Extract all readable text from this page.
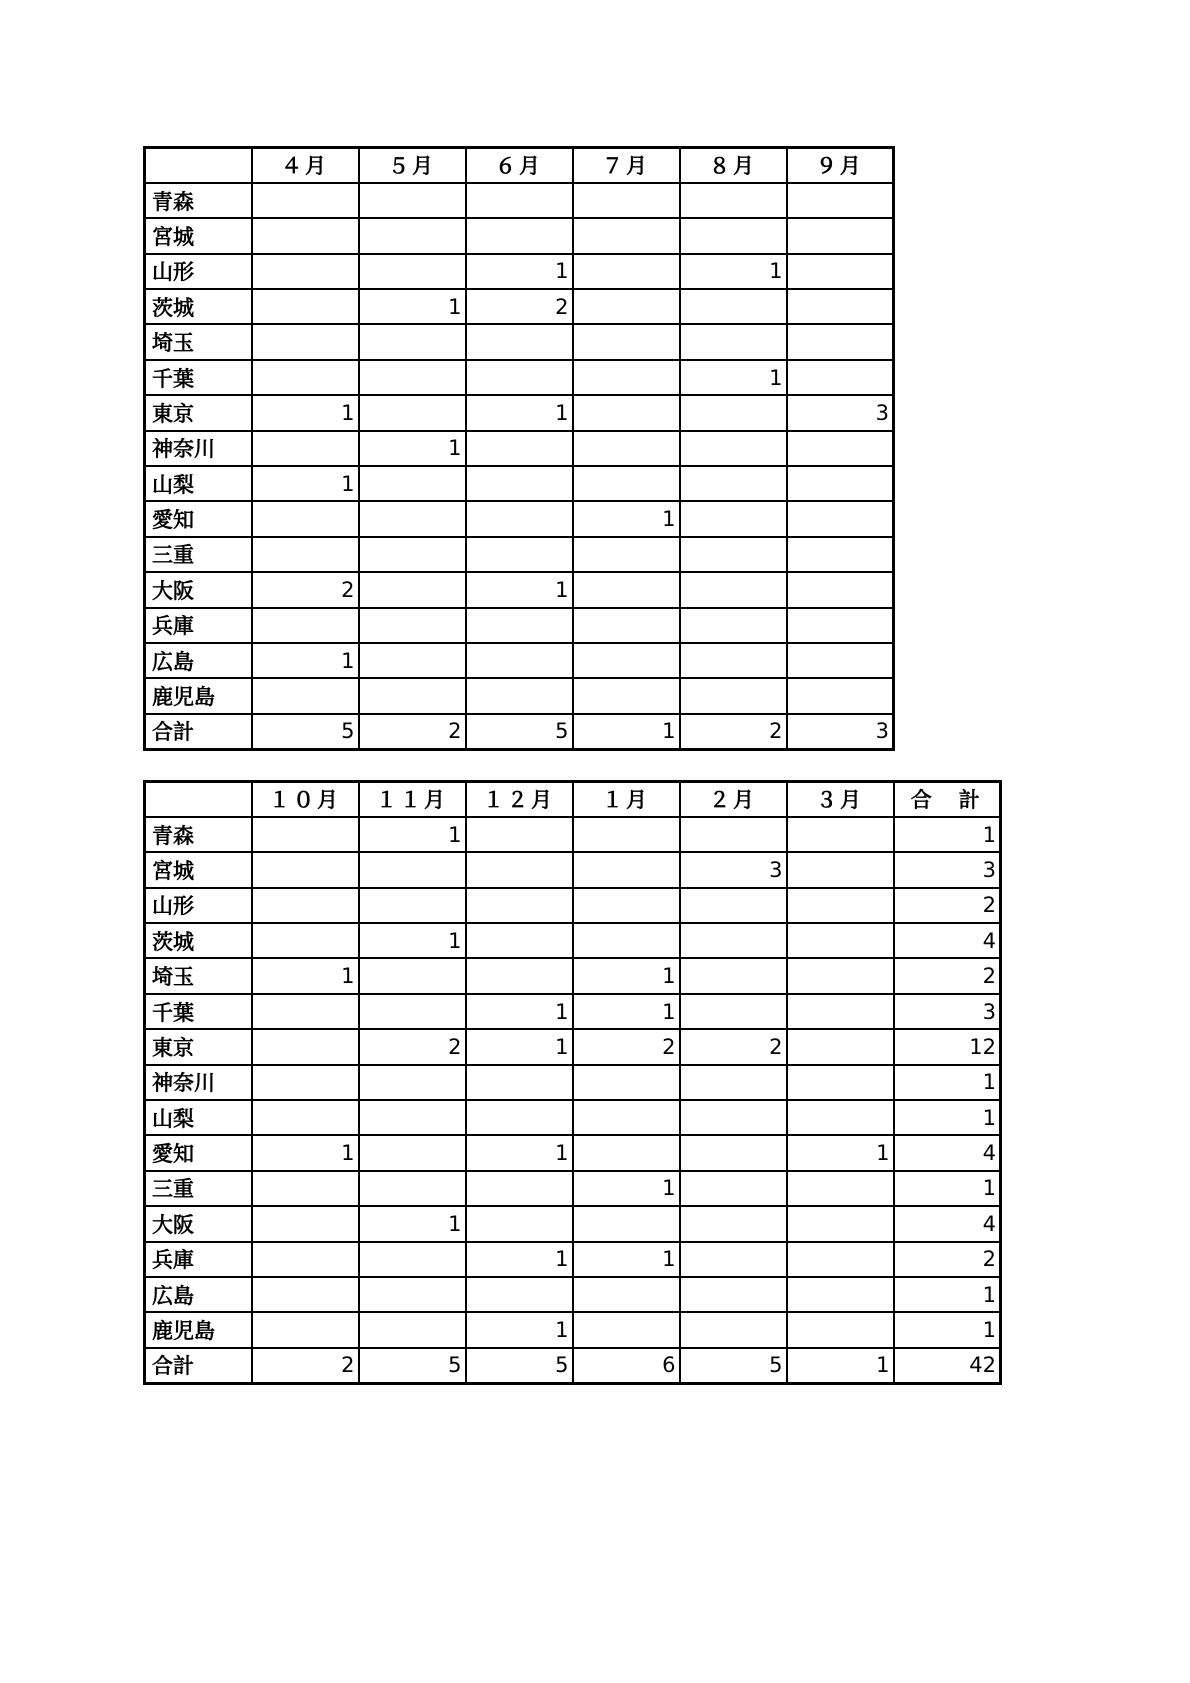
	４月	５月	６月	７月	８月	９月
青森						
宮城						
山形			1		1	
茨城		1	2			
埼玉						
千葉					1	
東京	1		1			3
神奈川		1				
山梨	1					
愛知				1		
三重						
大阪	2		1			
兵庫						
広島	1					
鹿児島						
合計	5	2	5	1	2	3
	１０月	１１月	１２月	１月	２月	３月	合　計
青森		1					1
宮城					3		3
山形							2
茨城		1					4
埼玉	1			1			2
千葉			1	1			3
東京		2	1	2	2		12
神奈川							1
山梨							1
愛知	1		1			1	4
三重				1			1
大阪		1					4
兵庫			1	1			2
広島							1
鹿児島			1				1
合計	2	5	5	6	5	1	42
